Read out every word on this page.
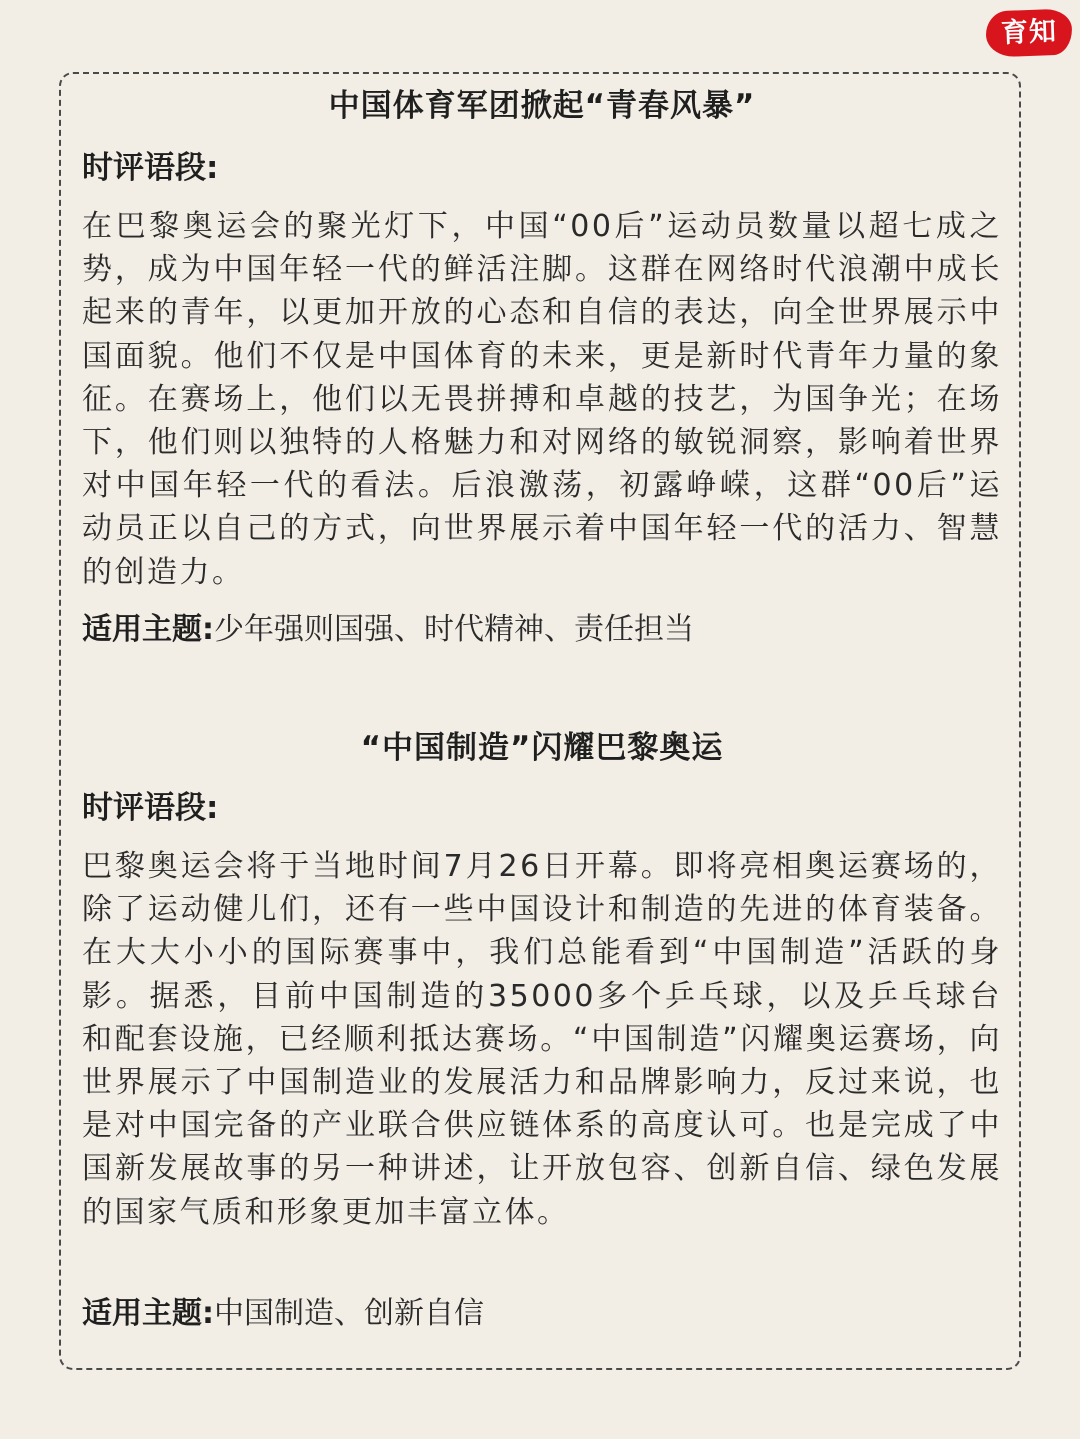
育知
中国体育军团掀起“青春风暴”
时评语段:
在巴黎奥运会的聚光灯下，中国“00后”运动员数量以超七成之势，成为中国年轻一代的鲜活注脚。这群在网络时代浪潮中成长起来的青年，以更加开放的心态和自信的表达，向全世界展示中国面貌。他们不仅是中国体育的未来，更是新时代青年力量的象征。在赛场上，他们以无畏拼搏和卓越的技艺，为国争光；在场下，他们则以独特的人格魅力和对网络的敏锐洞察，影响着世界对中国年轻一代的看法。后浪激荡，初露峥嵘，这群“00后”运动员正以自己的方式，向世界展示着中国年轻一代的活力、智慧的创造力。
适用主题:少年强则国强、时代精神、责任担当
“中国制造”闪耀巴黎奥运
时评语段:
巴黎奥运会将于当地时间7月26日开幕。即将亮相奥运赛场的，除了运动健儿们，还有一些中国设计和制造的先进的体育装备。在大大小小的国际赛事中，我们总能看到“中国制造”活跃的身影。据悉，目前中国制造的35000多个乒乓球，以及乒乓球台和配套设施，已经顺利抵达赛场。“中国制造”闪耀奥运赛场，向世界展示了中国制造业的发展活力和品牌影响力，反过来说，也是对中国完备的产业联合供应链体系的高度认可。也是完成了中国新发展故事的另一种讲述，让开放包容、创新自信、绿色发展的国家气质和形象更加丰富立体。
适用主题:中国制造、创新自信
